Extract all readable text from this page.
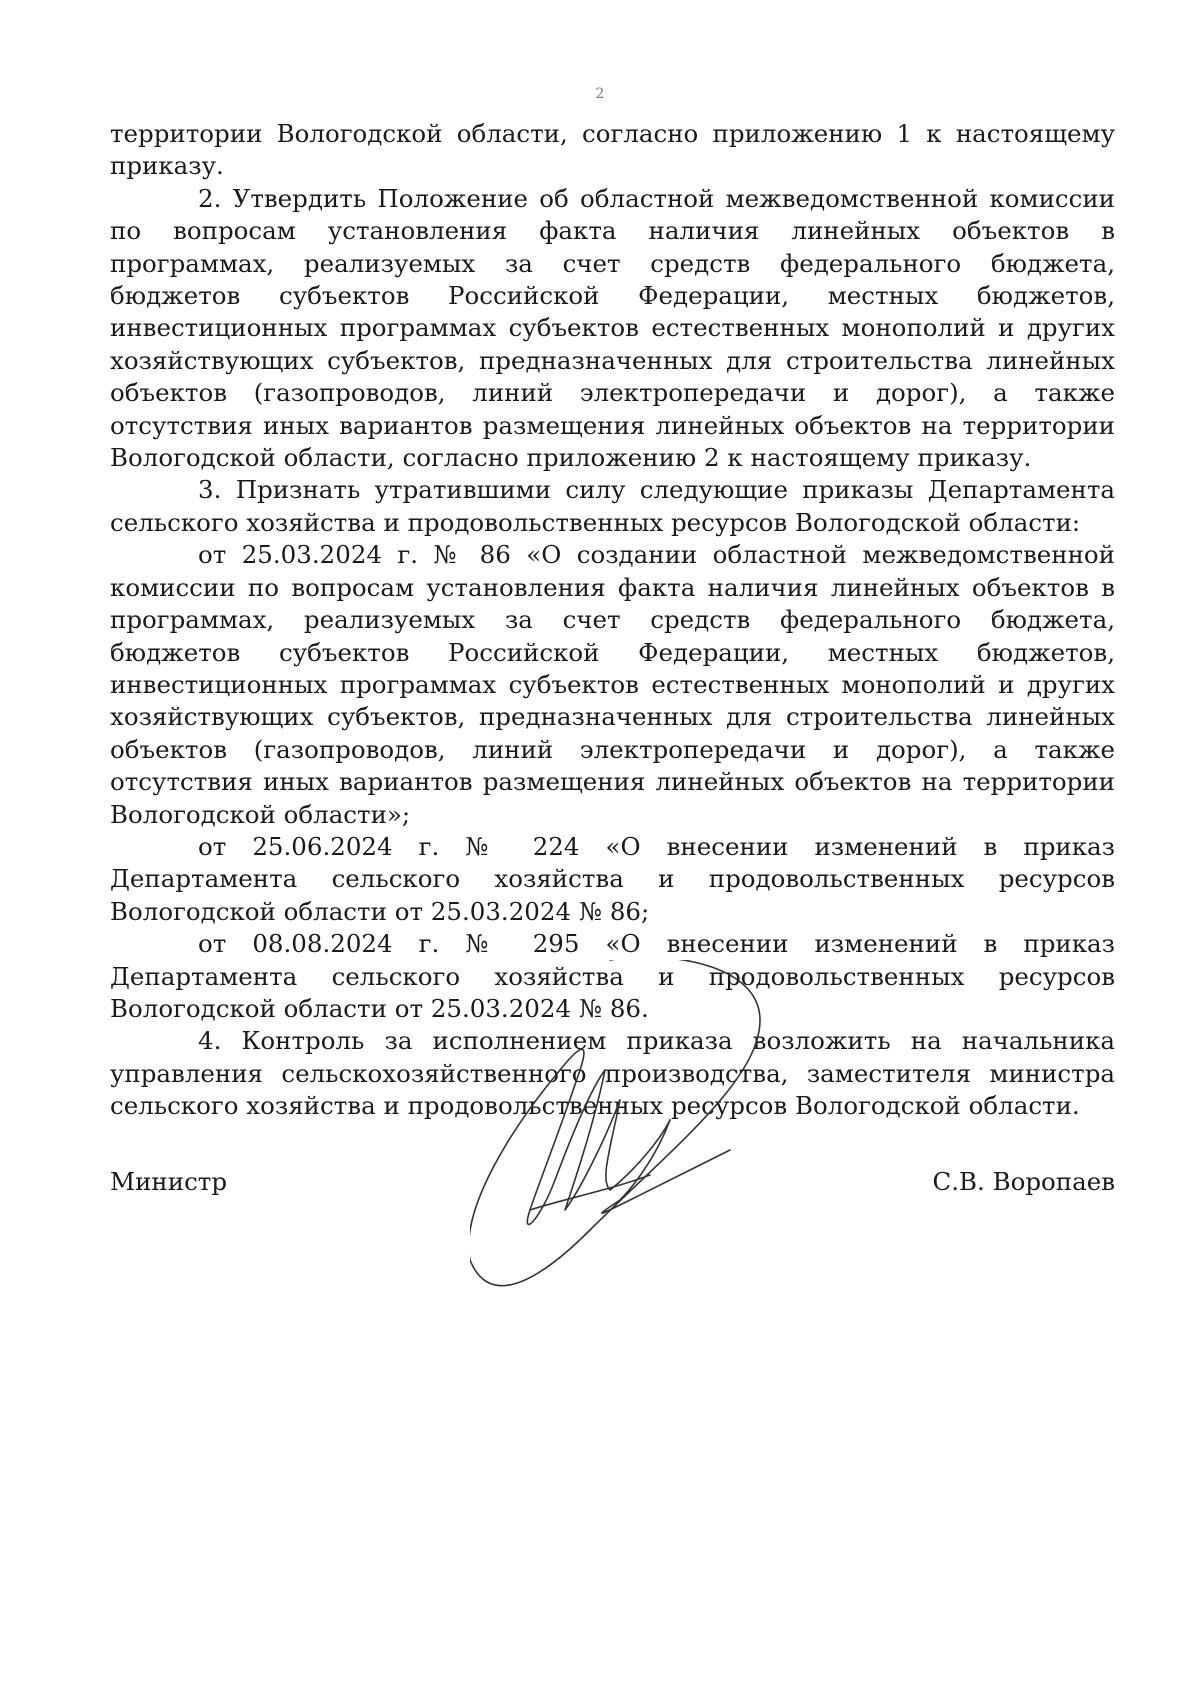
2

территории Вологодской области, согласно приложению 1 к настоящему приказу.

2. Утвердить Положение об областной межведомственной комиссии по вопросам установления факта наличия линейных объектов в программах, реализуемых за счет средств федерального бюджета, бюджетов субъектов Российской Федерации, местных бюджетов, инвестиционных программах субъектов естественных монополий и других хозяйствующих субъектов, предназначенных для строительства линейных объектов (газопроводов, линий электропередачи и дорог), а также отсутствия иных вариантов размещения линейных объектов на территории Вологодской области, согласно приложению 2 к настоящему приказу.

3. Признать утратившими силу следующие приказы Департамента сельского хозяйства и продовольственных ресурсов Вологодской области:

от 25.03.2024 г. № 86 «О создании областной межведомственной комиссии по вопросам установления факта наличия линейных объектов в программах, реализуемых за счет средств федерального бюджета, бюджетов субъектов Российской Федерации, местных бюджетов, инвестиционных программах субъектов естественных монополий и других хозяйствующих субъектов, предназначенных для строительства линейных объектов (газопроводов, линий электропередачи и дорог), а также отсутствия иных вариантов размещения линейных объектов на территории Вологодской области»;

от 25.06.2024 г. № 224 «О внесении изменений в приказ Департамента сельского хозяйства и продовольственных ресурсов Вологодской области от 25.03.2024 № 86;

от 08.08.2024 г. № 295 «О внесении изменений в приказ Департамента сельского хозяйства и продовольственных ресурсов Вологодской области от 25.03.2024 № 86.

4. Контроль за исполнением приказа возложить на начальника управления сельскохозяйственного производства, заместителя министра сельского хозяйства и продовольственных ресурсов Вологодской области.

Министр	С.В. Воропаев
